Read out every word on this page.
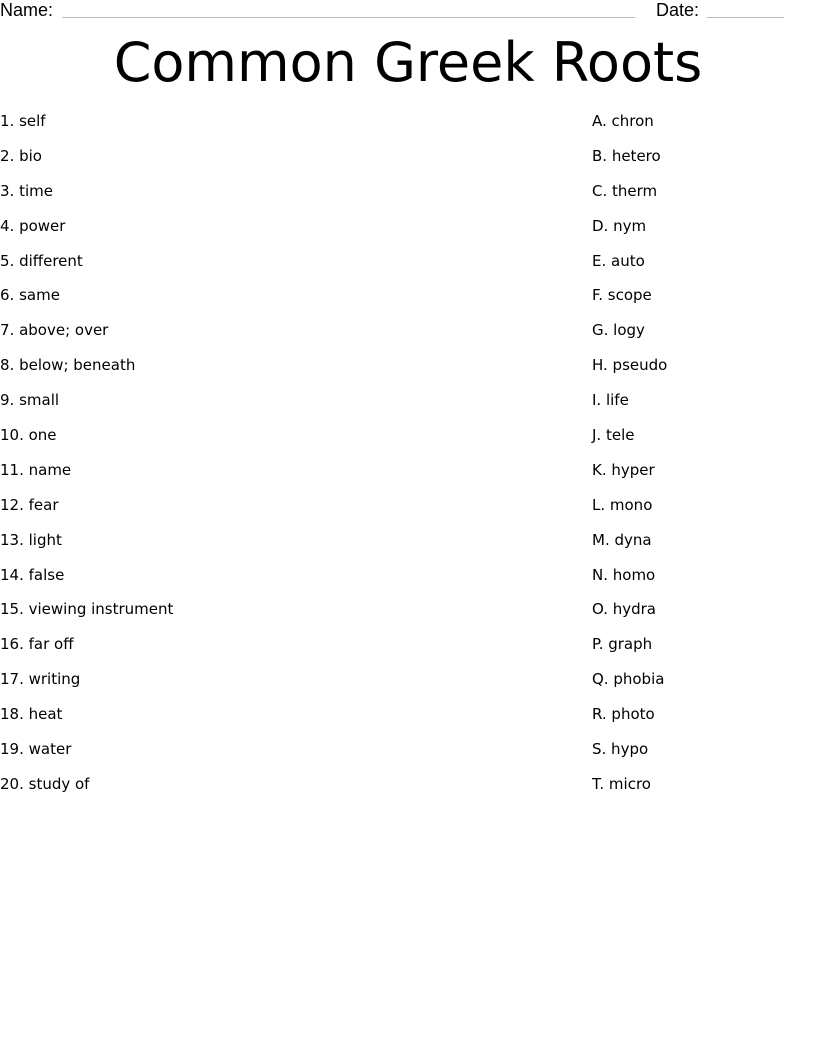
Name:	Date:
Common Greek Roots
1. self
2. bio
3. time
4. power
5. different
6. same
7. above; over
8. below; beneath
9. small
10. one
11. name
12. fear
13. light
14. false
15. viewing instrument
16. far off
17. writing
18. heat
19. water
20. study of
A. chron
B. hetero
C. therm
D. nym
E. auto
F. scope
G. logy
H. pseudo
I. life
J. tele
K. hyper
L. mono
M. dyna
N. homo
O. hydra
P. graph
Q. phobia
R. photo
S. hypo
T. micro
